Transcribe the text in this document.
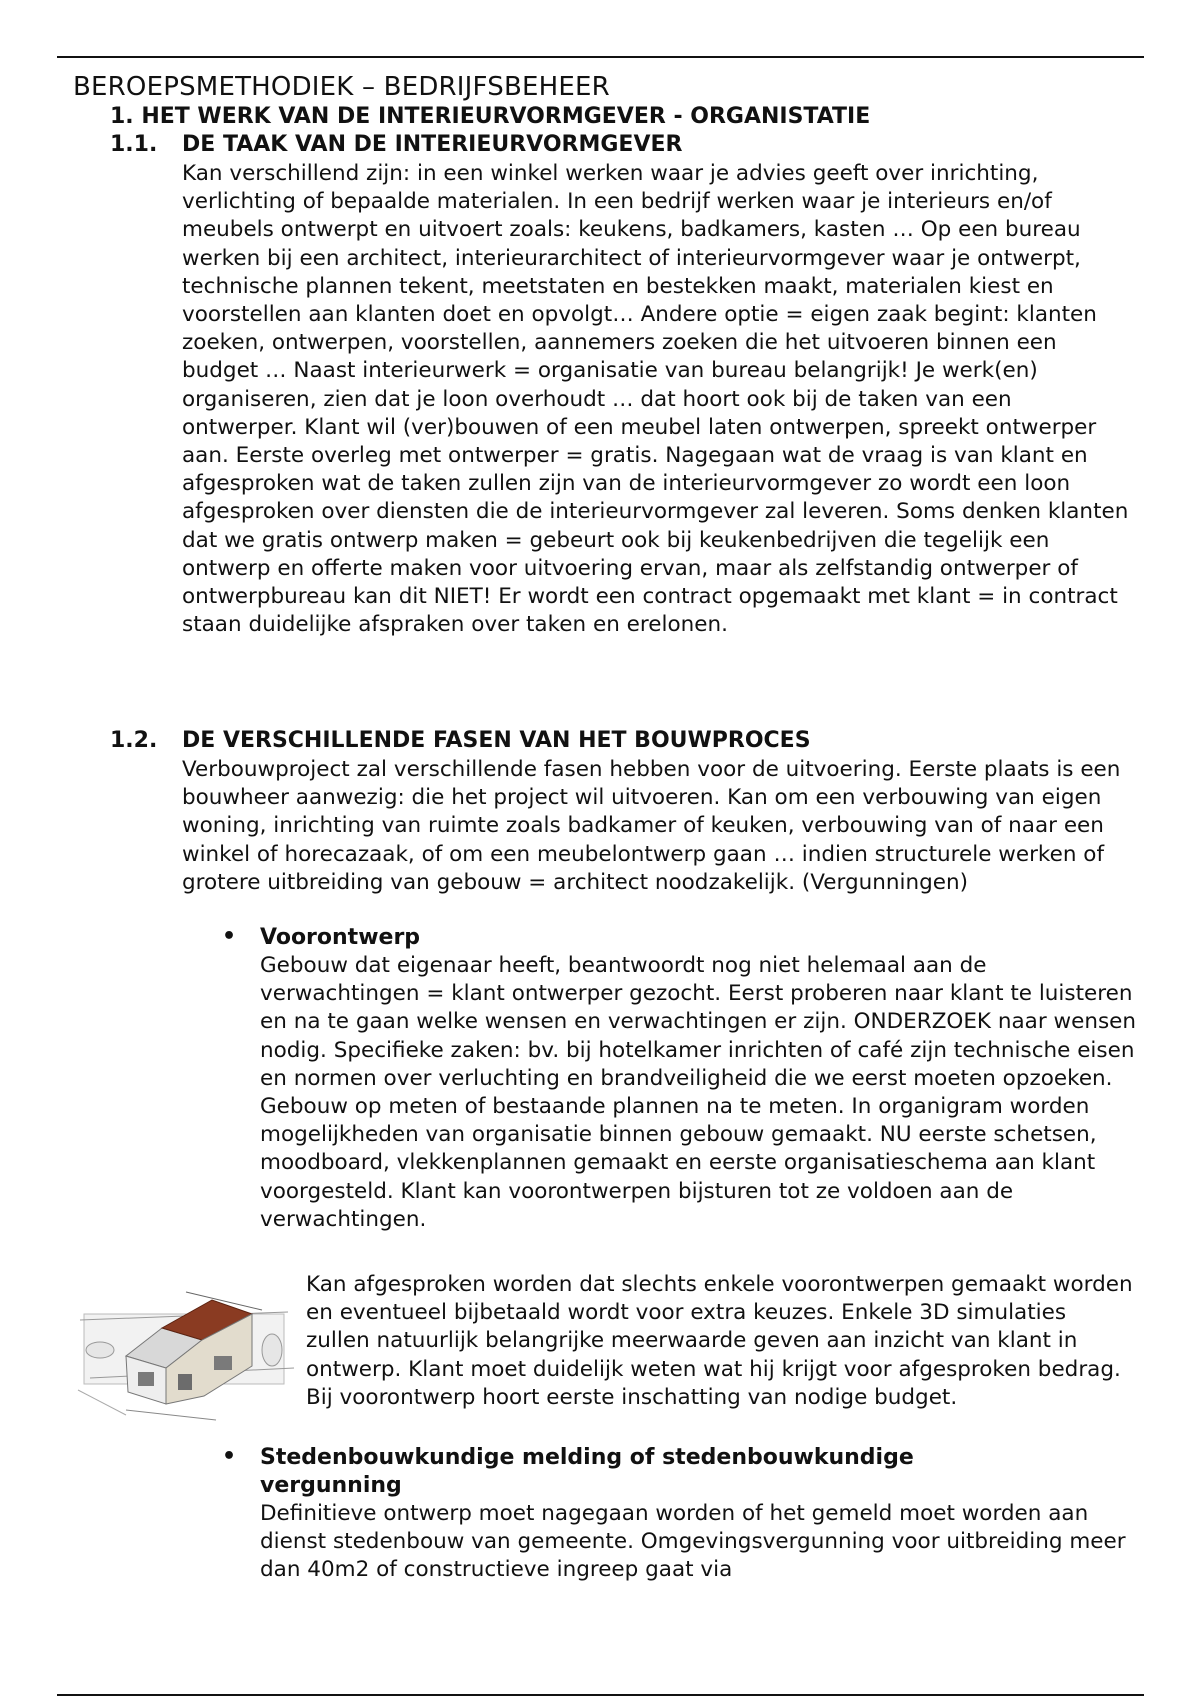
BEROEPSMETHODIEK – BEDRIJFSBEHEER
1. HET WERK VAN DE INTERIEURVORMGEVER - ORGANISTATIE
1.1. DE TAAK VAN DE INTERIEURVORMGEVER

Kan verschillend zijn: in een winkel werken waar je advies geeft over inrichting, verlichting of bepaalde materialen. In een bedrijf werken waar je interieurs en/of meubels ontwerpt en uitvoert zoals: keukens, badkamers, kasten … Op een bureau werken bij een architect, interieurarchitect of interieurvormgever waar je ontwerpt, technische plannen tekent, meetstaten en bestekken maakt, materialen kiest en voorstellen aan klanten doet en opvolgt… Andere optie = eigen zaak begint: klanten zoeken, ontwerpen, voorstellen, aannemers zoeken die het uitvoeren binnen een budget … Naast interieurwerk = organisatie van bureau belangrijk! Je werk(en) organiseren, zien dat je loon overhoudt … dat hoort ook bij de taken van een ontwerper. Klant wil (ver)bouwen of een meubel laten ontwerpen, spreekt ontwerper aan. Eerste overleg met ontwerper = gratis. Nagegaan wat de vraag is van klant en afgesproken wat de taken zullen zijn van de interieurvormgever zo wordt een loon afgesproken over diensten die de interieurvormgever zal leveren. Soms denken klanten dat we gratis ontwerp maken = gebeurt ook bij keukenbedrijven die tegelijk een ontwerp en offerte maken voor uitvoering ervan, maar als zelfstandig ontwerper of ontwerpbureau kan dit NIET! Er wordt een contract opgemaakt met klant = in contract staan duidelijke afspraken over taken en erelonen.

1.2. DE VERSCHILLENDE FASEN VAN HET BOUWPROCES

Verbouwproject zal verschillende fasen hebben voor de uitvoering. Eerste plaats is een bouwheer aanwezig: die het project wil uitvoeren. Kan om een verbouwing van eigen woning, inrichting van ruimte zoals badkamer of keuken, verbouwing van of naar een winkel of horecazaak, of om een meubelontwerp gaan … indien structurele werken of grotere uitbreiding van gebouw = architect noodzakelijk. (Vergunningen)

• Voorontwerp

Gebouw dat eigenaar heeft, beantwoordt nog niet helemaal aan de verwachtingen = klant ontwerper gezocht. Eerst proberen naar klant te luisteren en na te gaan welke wensen en verwachtingen er zijn. ONDERZOEK naar wensen nodig. Specifieke zaken: bv. bij hotelkamer inrichten of café zijn technische eisen en normen over verluchting en brandveiligheid die we eerst moeten opzoeken. Gebouw op meten of bestaande plannen na te meten. In organigram worden mogelijkheden van organisatie binnen gebouw gemaakt. NU eerste schetsen, moodboard, vlekkenplannen gemaakt en eerste organisatieschema aan klant voorgesteld. Klant kan voorontwerpen bijsturen tot ze voldoen aan de verwachtingen.

Kan afgesproken worden dat slechts enkele voorontwerpen gemaakt worden en eventueel bijbetaald wordt voor extra keuzes. Enkele 3D simulaties zullen natuurlijk belangrijke meerwaarde geven aan inzicht van klant in ontwerp. Klant moet duidelijk weten wat hij krijgt voor afgesproken bedrag. Bij voorontwerp hoort eerste inschatting van nodige budget.

• Stedenbouwkundige melding of stedenbouwkundige vergunning

Definitieve ontwerp moet nagegaan worden of het gemeld moet worden aan dienst stedenbouw van gemeente. Omgevingsvergunning voor uitbreiding meer dan 40m2 of constructieve ingreep gaat via
